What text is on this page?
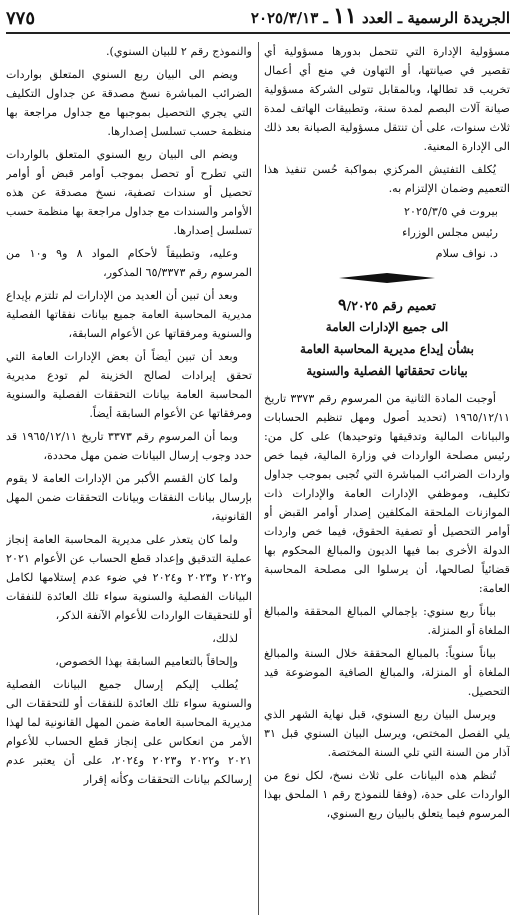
الجريدة الرسمية ـ العدد ١١ ـ ٢٠٢٥/٣/١٣
٧٧٥

مسؤولية الإدارة التي تتحمل بدورها مسؤولية أي تقصير في صيانتها، أو التهاون في منع أي أعمال تخريب قد تطالها، وبالمقابل تتولى الشركة مسؤولية صيانة آلات البصم لمدة سنة، وتطبيقات الهاتف لمدة ثلاث سنوات، على أن تنتقل مسؤولية الصيانة بعد ذلك الى الإدارة المعنية.

يُكلف التفتيش المركزي بمواكبة حُسن تنفيذ هذا التعميم وضمان الإلتزام به.

بيروت في ٢٠٢٥/٣/٥

رئيس مجلس الوزراء

د. نواف سلام

تعميم رقم ٩/٢٠٢٥

الى جميع الإدارات العامة

بشأن إيداع مديرية المحاسبة العامة

بيانات تحققاتها الفصلية والسنوية

أوجبت المادة الثانية من المرسوم رقم ٣٣٧٣ تاريخ ١٩٦٥/١٢/١١ (تحديد أصول ومهل تنظيم الحسابات والبيانات المالية وتدقيقها وتوحيدها) على كل من: رئيس مصلحة الواردات في وزارة المالية، فيما خص واردات الضرائب المباشرة التي تُجبى بموجب جداول تكليف، وموظفي الإدارات العامة والإدارات ذات الموازنات الملحقة المكلفين إصدار أوامر القبض أو أوامر التحصيل أو تصفية الحقوق، فيما خص واردات الدولة الأخرى بما فيها الديون والمبالغ المحكوم بها قضائياً لصالحها، أن يرسلوا الى مصلحة المحاسبة العامة:

بياناً ربع سنوي: بإجمالي المبالغ المحققة والمبالغ الملغاة أو المنزلة.

بياناً سنوياً: بالمبالغ المحققة خلال السنة والمبالغ الملغاة أو المنزلة، والمبالغ الصافية الموضوعة قيد التحصيل.

ويرسل البيان ربع السنوي، قبل نهاية الشهر الذي يلي الفصل المختص، ويرسل البيان السنوي قبل ٣١ آذار من السنة التي تلي السنة المختصة.

تُنظم هذه البيانات على ثلاث نسخ، لكل نوع من الواردات على حدة، (وفقا للنموذج رقم ١ الملحق بهذا المرسوم فيما يتعلق بالبيان ربع السنوي،

والنموذج رقم ٢ للبيان السنوي).

ويضم الى البيان ربع السنوي المتعلق بواردات الضرائب المباشرة نسخ مصدقة عن جداول التكليف التي يجري التحصيل بموجبها مع جداول مراجعة بها منظمة حسب تسلسل إصدارها.

ويضم الى البيان ربع السنوي المتعلق بالواردات التي تطرح أو تحصل بموجب أوامر قبض أو أوامر تحصيل أو سندات تصفية، نسخ مصدقة عن هذه الأوامر والسندات مع جداول مراجعة بها منظمة حسب تسلسل إصدارها.

وعليه، وتطبيقاً لأحكام المواد ٨ و٩ و١٠ من المرسوم رقم ٦٥/٣٣٧٣ المذكور،

وبعد أن تبين أن العديد من الإدارات لم تلتزم بإيداع مديرية المحاسبة العامة جميع بيانات نفقاتها الفصلية والسنوية ومرفقاتها عن الأعوام السابقة،

وبعد أن تبين أيضاً أن بعض الإدارات العامة التي تحقق إيرادات لصالح الخزينة لم تودع مديرية المحاسبة العامة بيانات التحققات الفصلية والسنوية ومرفقاتها عن الأعوام السابقة أيضاً.

وبما أن المرسوم رقم ٣٣٧٣ تاريخ ١٩٦٥/١٢/١١ قد حدد وجوب إرسال البيانات ضمن مهل محددة،

ولما كان القسم الأكبر من الإدارات العامة لا يقوم بإرسال بيانات النفقات وبيانات التحققات ضمن المهل القانونية،

ولما كان يتعذر على مديرية المحاسبة العامة إنجاز عملية التدقيق وإعداد قطع الحساب عن الأعوام ٢٠٢١ و٢٠٢٢ و٢٠٢٣ و٢٠٢٤ في ضوء عدم إستلامها لكامل البيانات الفصلية والسنوية سواء تلك العائدة للنفقات أو للتحقيقات الواردات للأعوام الآنفة الذكر،

لذلك،

وإلحاقاً بالتعاميم السابقة بهذا الخصوص،

يُطلب إليكم إرسال جميع البيانات الفصلية والسنوية سواء تلك العائدة للنفقات أو للتحققات الى مديرية المحاسبة العامة ضمن المهل القانونية لما لهذا الأمر من انعكاس على إنجاز قطع الحساب للأعوام ٢٠٢١ و٢٠٢٢ و٢٠٢٣ و٢٠٢٤، على أن يعتبر عدم إرسالكم بيانات التحققات وكأنه إقرار
